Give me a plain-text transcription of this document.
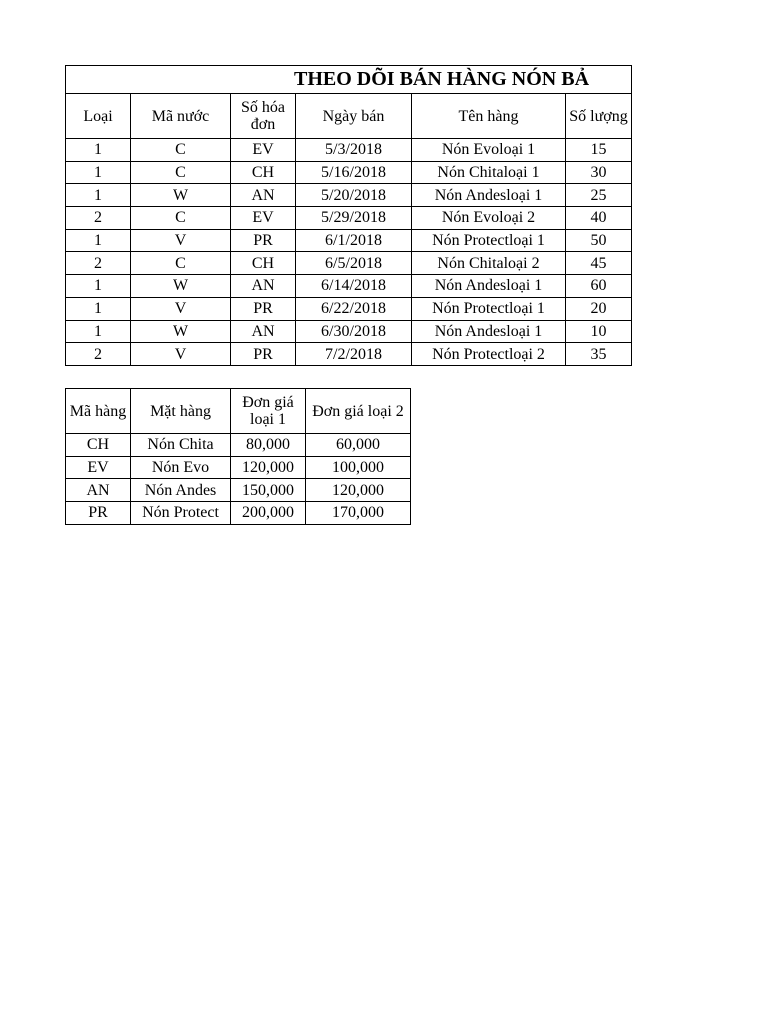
THEO DÕI BÁN HÀNG NÓN BẢ					
Loại	Mã nước	Số hóa đơn	Ngày bán	Tên hàng	Số lượng
1	C	EV	5/3/2018	Nón Evoloại 1	15
1	C	CH	5/16/2018	Nón Chitaloại 1	30
1	W	AN	5/20/2018	Nón Andesloại 1	25
2	C	EV	5/29/2018	Nón Evoloại 2	40
1	V	PR	6/1/2018	Nón Protectloại 1	50
2	C	CH	6/5/2018	Nón Chitaloại 2	45
1	W	AN	6/14/2018	Nón Andesloại 1	60
1	V	PR	6/22/2018	Nón Protectloại 1	20
1	W	AN	6/30/2018	Nón Andesloại 1	10
2	V	PR	7/2/2018	Nón Protectloại 2	35
Mã hàng	Mặt hàng	Đơn giá loại 1	Đơn giá loại 2
CH	Nón Chita	80,000	60,000
EV	Nón Evo	120,000	100,000
AN	Nón Andes	150,000	120,000
PR	Nón Protect	200,000	170,000
